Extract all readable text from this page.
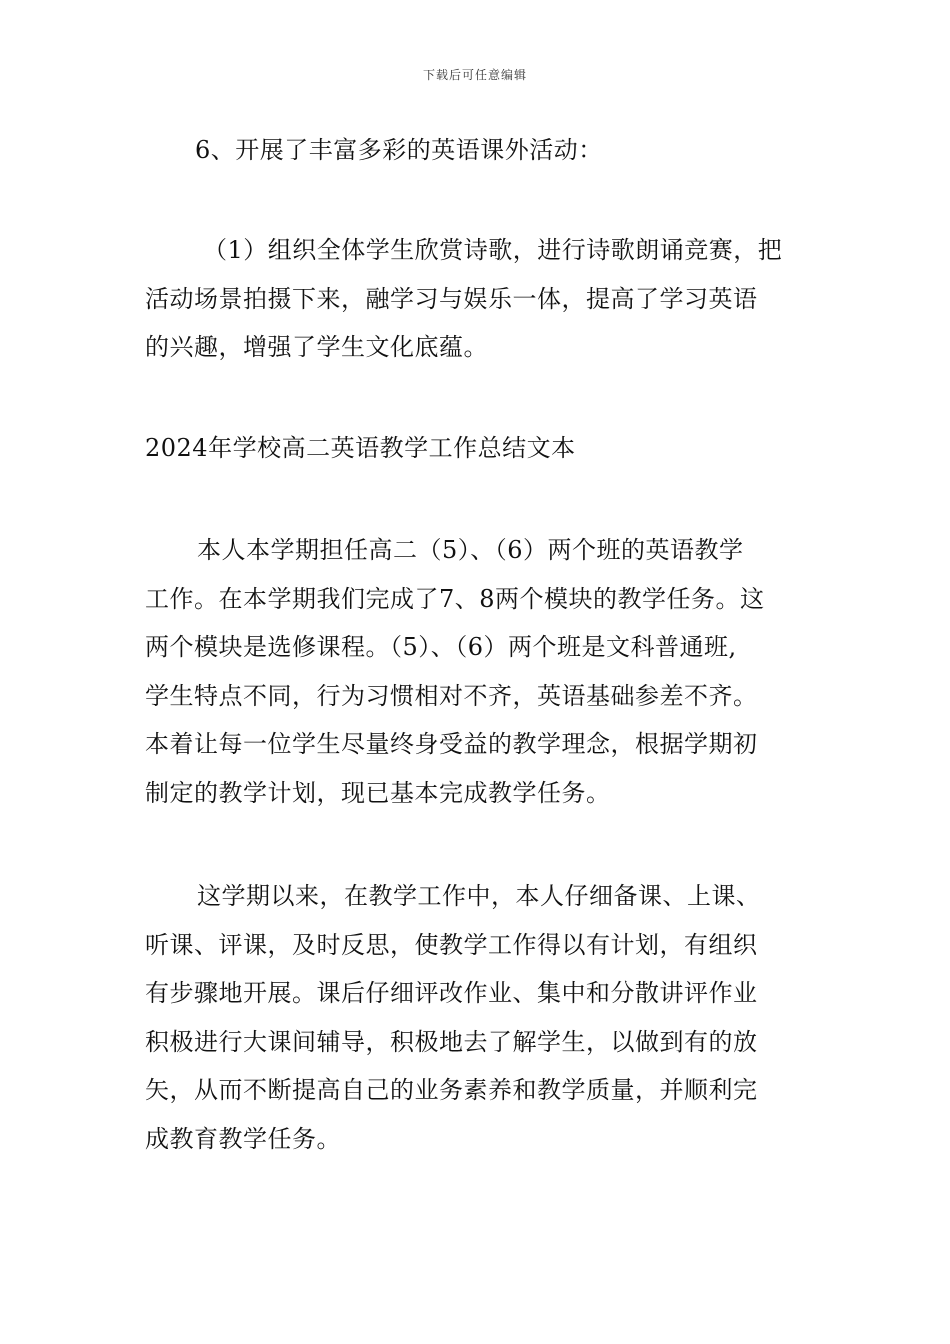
下载后可任意编辑

6、开展了丰富多彩的英语课外活动：

（1）组织全体学生欣赏诗歌，进行诗歌朗诵竞赛，把
活动场景拍摄下来，融学习与娱乐一体，提高了学习英语
的兴趣，增强了学生文化底蕴。

2024年学校高二英语教学工作总结文本

本人本学期担任高二（5）、（6）两个班的英语教学
工作。在本学期我们完成了7、8两个模块的教学任务。这
两个模块是选修课程。（5）、（6）两个班是文科普通班,
学生特点不同，行为习惯相对不齐，英语基础参差不齐。
本着让每一位学生尽量终身受益的教学理念，根据学期初
制定的教学计划，现已基本完成教学任务。
这学期以来，在教学工作中，本人仔细备课、上课、
听课、评课，及时反思，使教学工作得以有计划，有组织
有步骤地开展。课后仔细评改作业、集中和分散讲评作业
积极进行大课间辅导，积极地去了解学生，以做到有的放
矢，从而不断提高自己的业务素养和教学质量，并顺利完
成教育教学任务。
